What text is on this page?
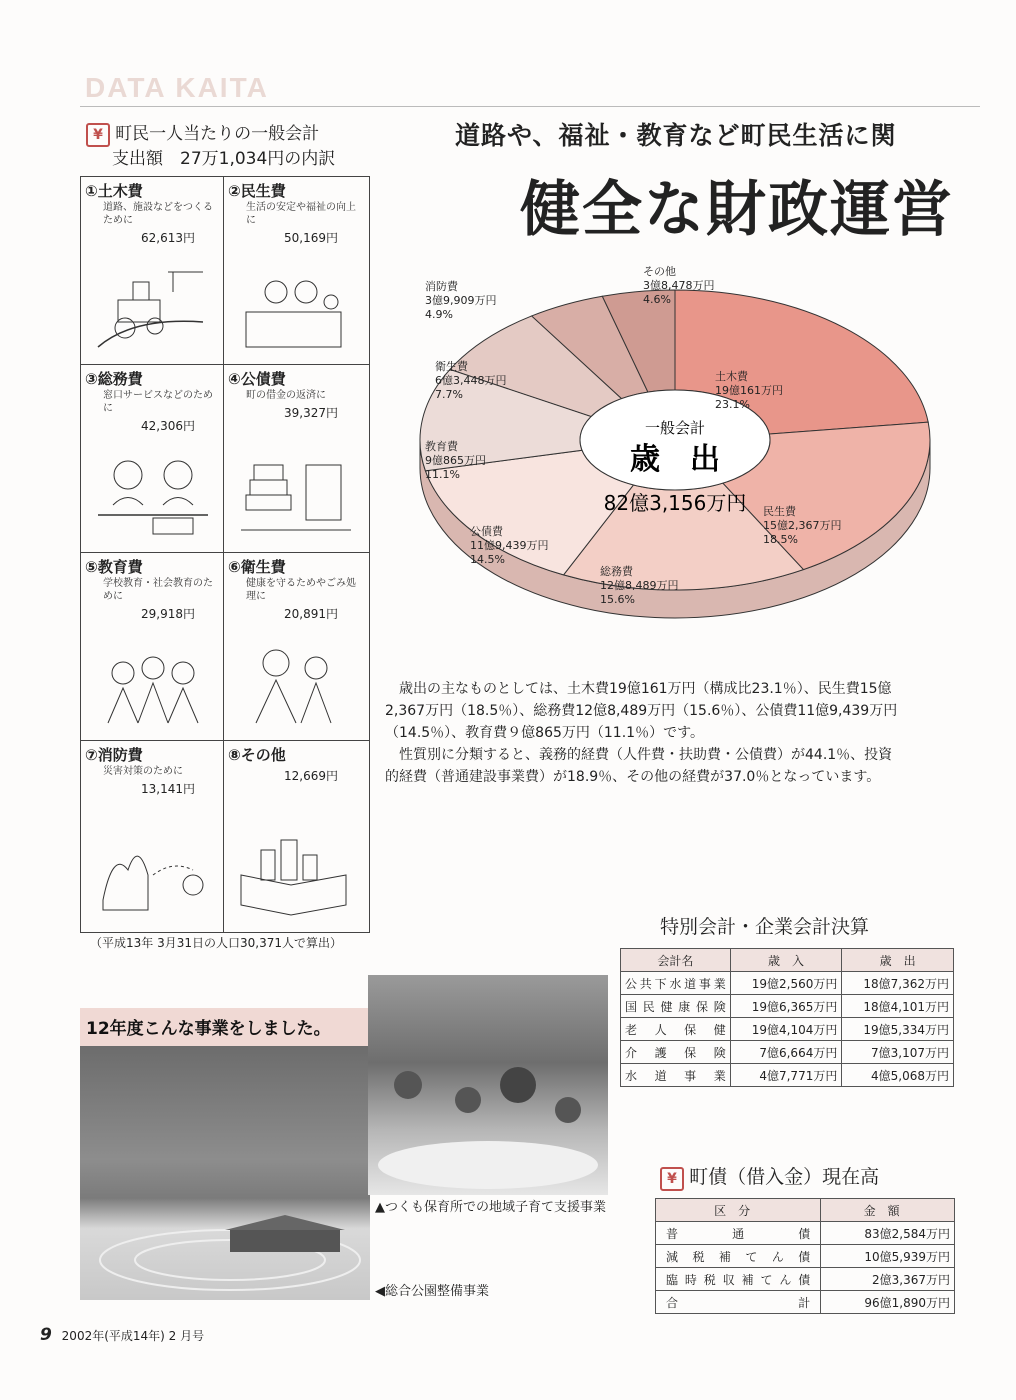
DATA KAITA
¥ 町民一人当たりの一般会計
支出額　27万1,034円の内訳
①土木費
道路、施設などをつくるために
62,613円
②民生費
生活の安定や福祉の向上に
50,169円
③総務費
窓口サービスなどのために
42,306円
④公債費
町の借金の返済に
39,327円
⑤教育費
学校教育・社会教育のために
29,918円
⑥衛生費
健康を守るためやごみ処理に
20,891円
⑦消防費
災害対策のために
13,141円
⑧その他
12,669円
（平成13年 3月31日の人口30,371人で算出）
道路や、福祉・教育など町民生活に関
健全な財政運営
一般会計
歳　出
82億3,156万円
土木費
19億161万円
23.1%
民生費
15億2,367万円
18.5%
総務費
12億8,489万円
15.6%
公債費
11億9,439万円
14.5%
教育費
9億865万円
11.1%
衛生費
6億3,448万円
7.7%
消防費
3億9,909万円
4.9%
その他
3億8,478万円
4.6%

歳出の主なものとしては、土木費19億161万円（構成比23.1％）、民生費15億2,367万円（18.5％）、総務費12億8,489万円（15.6％）、公債費11億9,439万円（14.5％）、教育費９億865万円（11.1％）です。

性質別に分類すると、義務的経費（人件費・扶助費・公債費）が44.1％、投資的経費（普通建設事業費）が18.9％、その他の経費が37.0％となっています。

特別会計・企業会計決算
会計名	歳　入	歳　出
公共下水道事業	19億2,560万円	18億7,362万円
国民健康保険	19億6,365万円	18億4,101万円
老人保健	19億4,104万円	19億5,334万円
介護保険	7億6,664万円	7億3,107万円
水道事業	4億7,771万円	4億5,068万円
12年度こんな事業をしました。
▲つくも保育所での地域子育て支援事業
◀総合公園整備事業
¥ 町債（借入金）現在高
区分	金額
普通債	83億2,584万円
減税補てん債	10億5,939万円
臨時税収補てん債	2億3,367万円
合計	96億1,890万円
9 2002年(平成14年) 2 月号
